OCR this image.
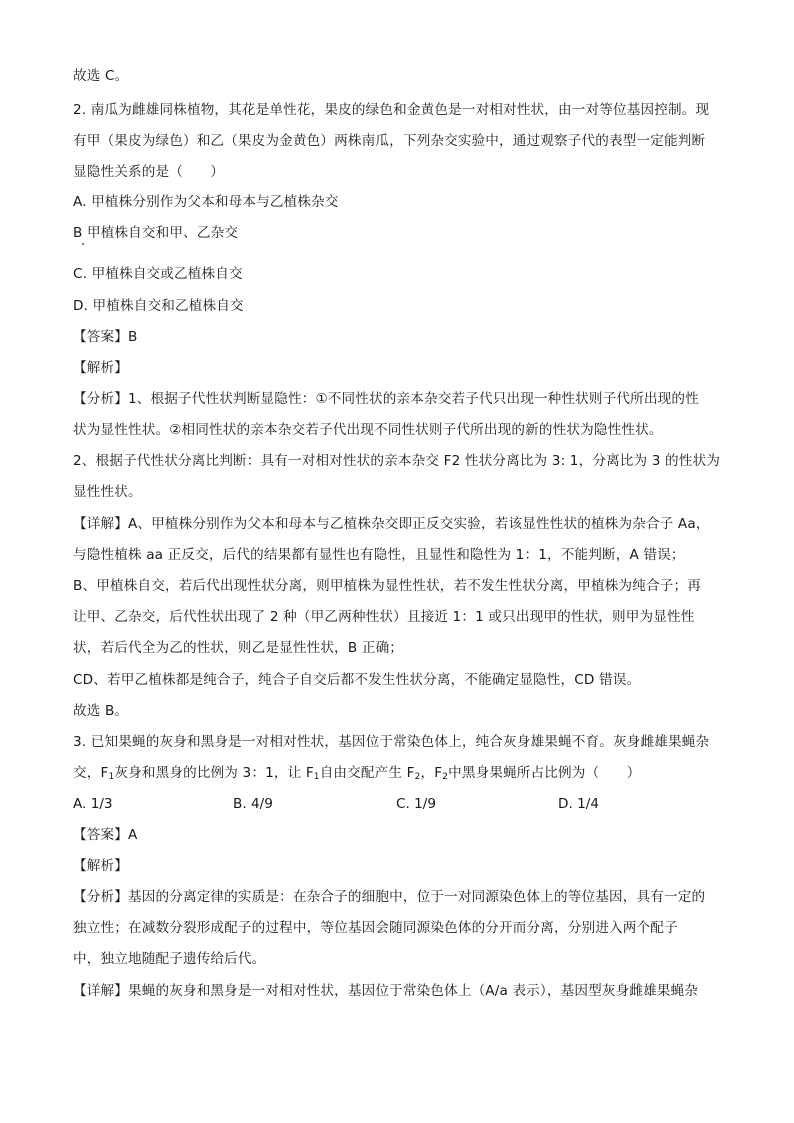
故选 C。
2. 南瓜为雌雄同株植物，其花是单性花，果皮的绿色和金黄色是一对相对性状，由一对等位基因控制。现
有甲（果皮为绿色）和乙（果皮为金黄色）两株南瓜，下列杂交实验中，通过观察子代的表型一定能判断
显隐性关系的是（　　）
A. 甲植株分别作为父本和母本与乙植株杂交
B 甲植株自交和甲、乙杂交
C. 甲植株自交或乙植株自交
D. 甲植株自交和乙植株自交
【答案】B
【解析】
【分析】1、根据子代性状判断显隐性：①不同性状的亲本杂交若子代只出现一种性状则子代所出现的性
状为显性性状。②相同性状的亲本杂交若子代出现不同性状则子代所出现的新的性状为隐性性状。
2、根据子代性状分离比判断：具有一对相对性状的亲本杂交 F2 性状分离比为 3: 1，分离比为 3 的性状为
显性性状。
【详解】A、甲植株分别作为父本和母本与乙植株杂交即正反交实验，若该显性性状的植株为杂合子 Aa，
与隐性植株 aa 正反交，后代的结果都有显性也有隐性，且显性和隐性为 1：1，不能判断，A 错误；
B、甲植株自交，若后代出现性状分离，则甲植株为显性性状，若不发生性状分离，甲植株为纯合子；再
让甲、乙杂交，后代性状出现了 2 种（甲乙两种性状）且接近 1：1 或只出现甲的性状，则甲为显性性
状，若后代全为乙的性状，则乙是显性性状，B 正确；
CD、若甲乙植株都是纯合子，纯合子自交后都不发生性状分离，不能确定显隐性，CD 错误。
故选 B。
3. 已知果蝇的灰身和黑身是一对相对性状，基因位于常染色体上，纯合灰身雄果蝇不育。灰身雌雄果蝇杂
交，$F_1$灰身和黑身的比例为 3：1，让 $F_1$自由交配产生 $F_2$，$F_2$中黑身果蝇所占比例为（　　）
A. 1/3	B. 4/9	C. 1/9	D. 1/4
【答案】A
【解析】
【分析】基因的分离定律的实质是：在杂合子的细胞中，位于一对同源染色体上的等位基因，具有一定的
独立性；在减数分裂形成配子的过程中，等位基因会随同源染色体的分开而分离，分别进入两个配子
中，独立地随配子遗传给后代。
【详解】果蝇的灰身和黑身是一对相对性状，基因位于常染色体上（A/a 表示），基因型灰身雌雄果蝇杂
